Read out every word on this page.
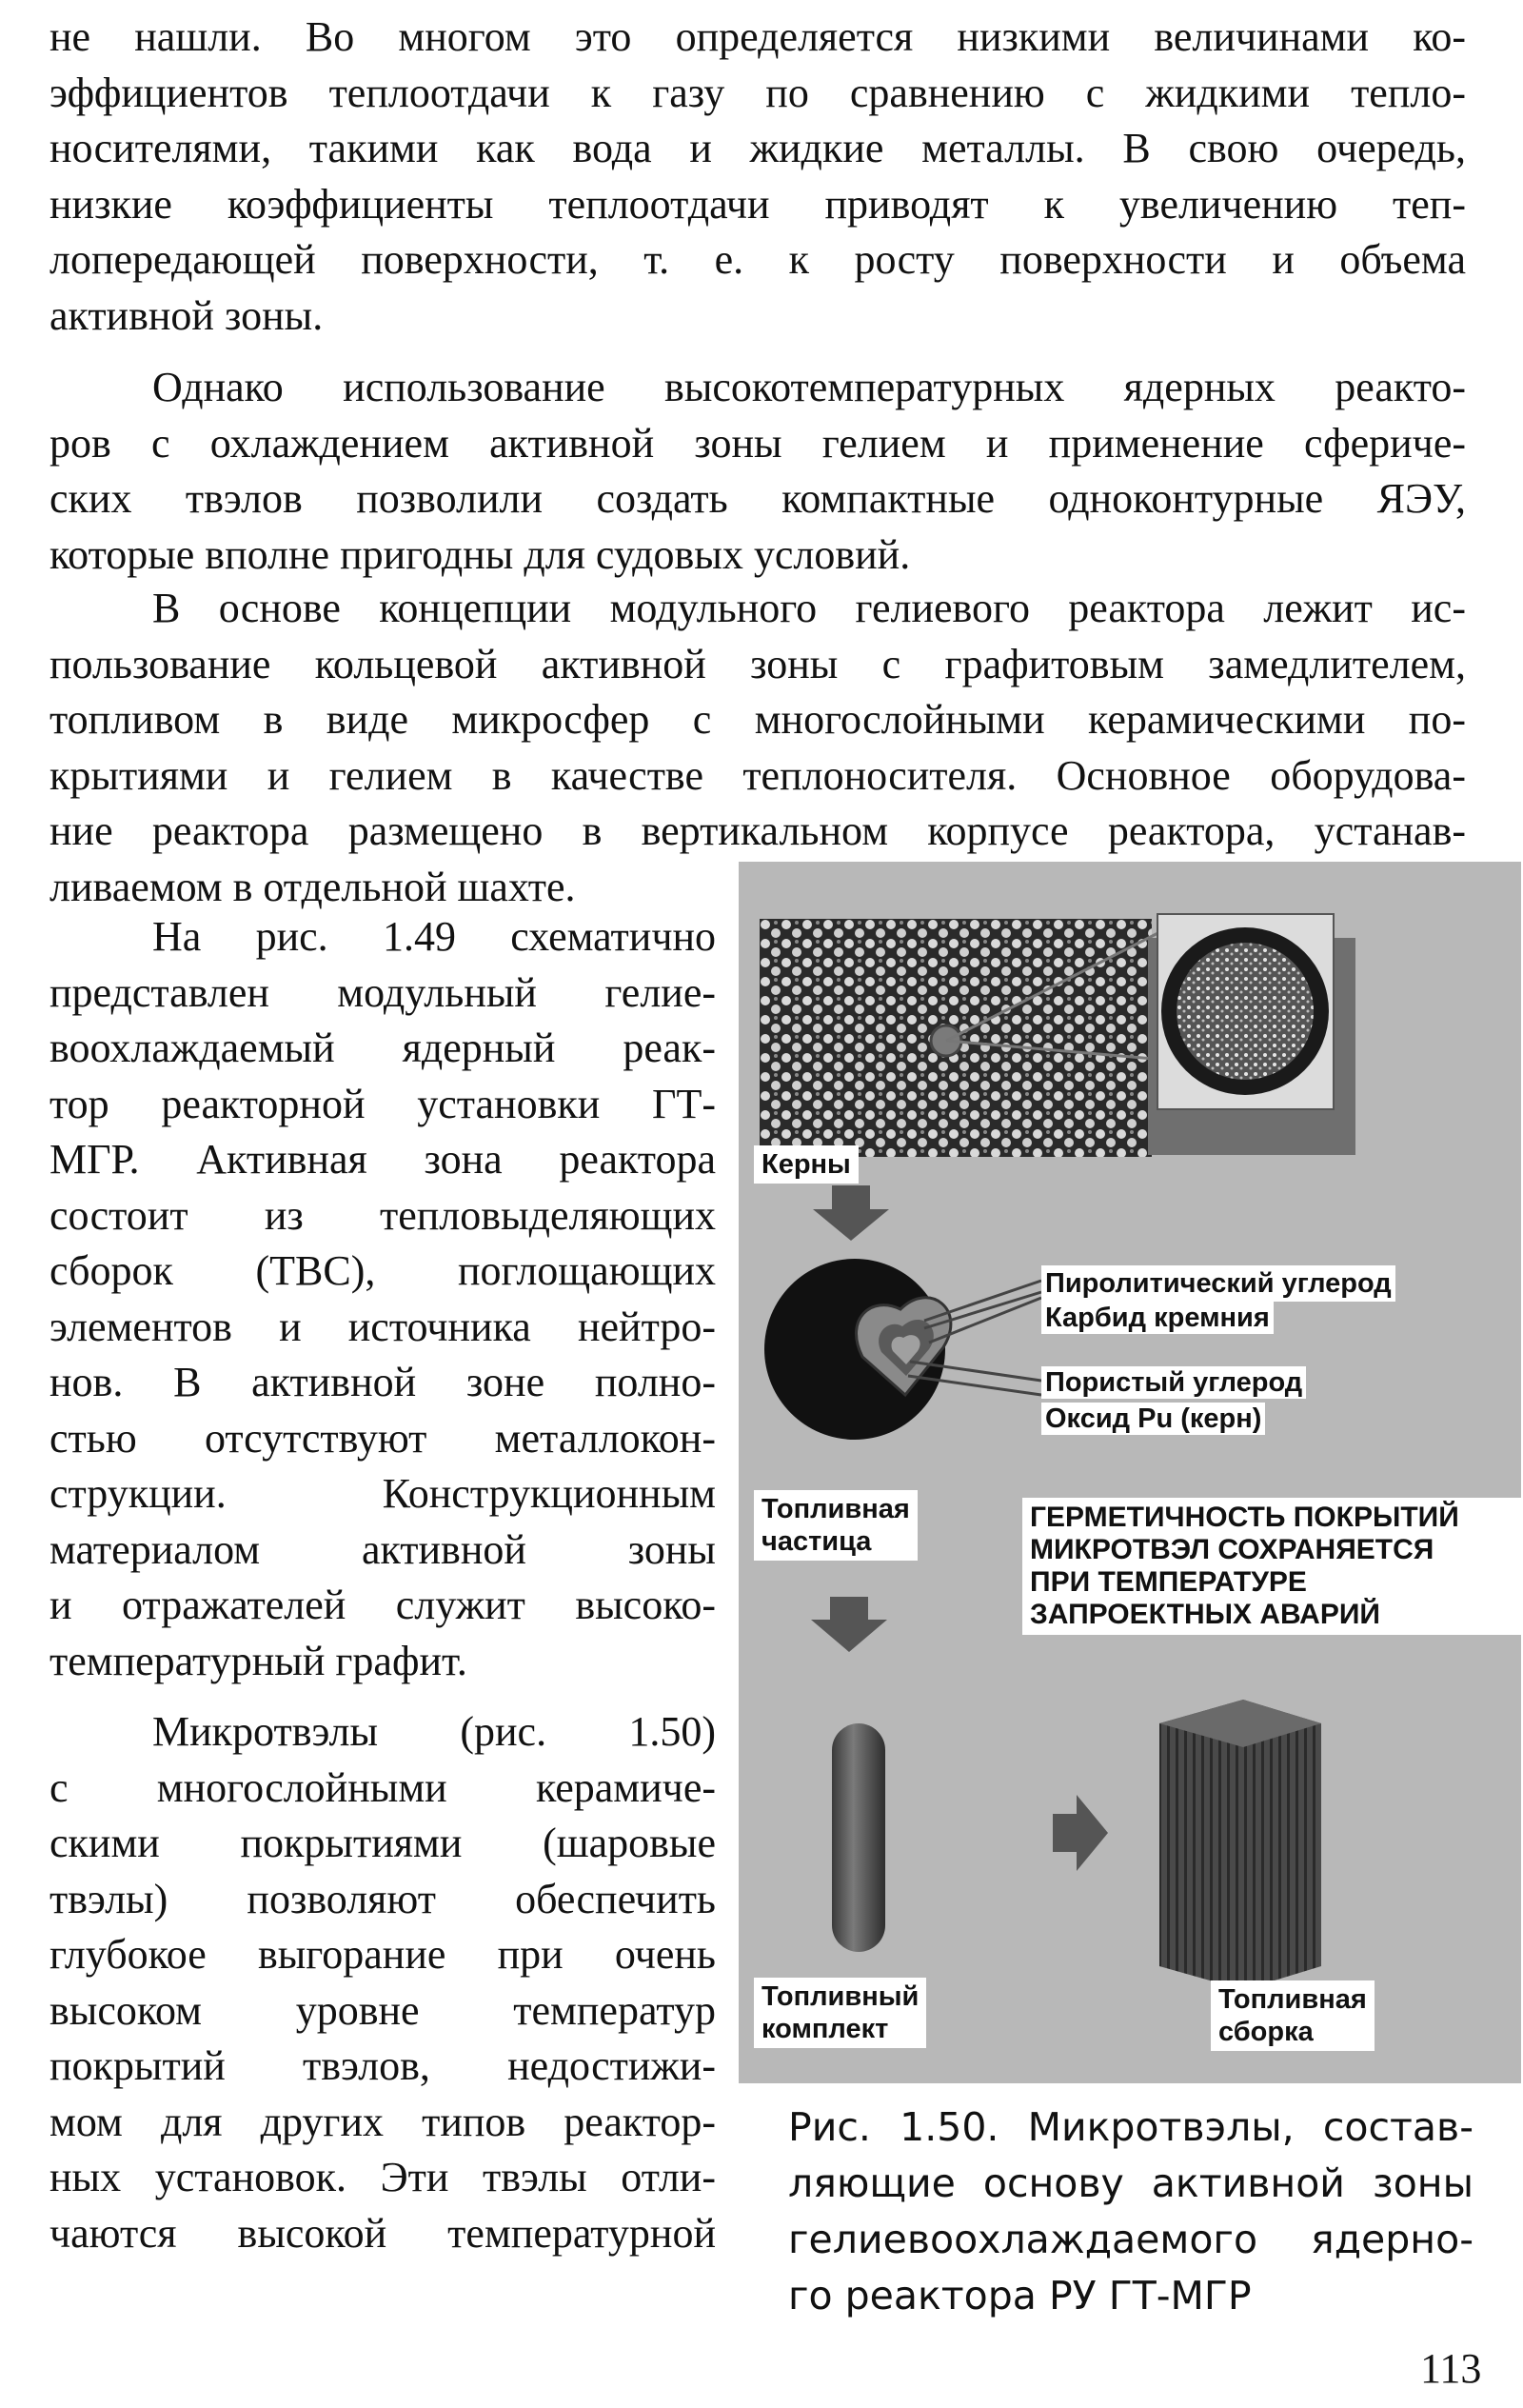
не нашли. Во многом это определяется низкими величинами ко-
эффициентов теплоотдачи к газу по сравнению с жидкими тепло-
носителями, такими как вода и жидкие металлы. В свою очередь,
низкие коэффициенты теплоотдачи приводят к увеличению теп-
лопередающей поверхности, т. е. к росту поверхности и объема
активной зоны.
Однако использование высокотемпературных ядерных реакто-
ров с охлаждением активной зоны гелием и применение сфериче-
ских твэлов позволили создать компактные одноконтурные ЯЭУ,
которые вполне пригодны для судовых условий.
В основе концепции модульного гелиевого реактора лежит ис-
пользование кольцевой активной зоны с графитовым замедлителем,
топливом в виде микросфер с многослойными керамическими по-
крытиями и гелием в качестве теплоносителя. Основное оборудова-
ние реактора размещено в вертикальном корпусе реактора, устанав-
ливаемом в отдельной шахте.
На рис. 1.49 схематично
представлен модульный гелие-
воохлаждаемый ядерный реак-
тор реакторной установки ГТ-
МГР. Активная зона реактора
состоит из тепловыделяющих
сборок (ТВС), поглощающих
элементов и источника нейтро-
нов. В активной зоне полно-
стью отсутствуют металлокон-
струкции. Конструкционным
материалом активной зоны
и отражателей служит высоко-
температурный графит.
Микротвэлы (рис. 1.50)
с многослойными керамиче-
скими покрытиями (шаровые
твэлы) позволяют обеспечить
глубокое выгорание при очень
высоком уровне температур
покрытий твэлов, недостижи-
мом для других типов реактор-
ных установок. Эти твэлы отли-
чаются высокой температурной
Керны
Пиролитический углерод
Карбид кремния
Пористый углерод
Оксид Pu (керн)
Топливная
частица
ГЕРМЕТИЧНОСТЬ ПОКРЫТИЙ
МИКРОТВЭЛ СОХРАНЯЕТСЯ
ПРИ ТЕМПЕРАТУРЕ
ЗАПРОЕКТНЫХ АВАРИЙ
Топливный
комплект
Топливная
сборка
Рис. 1.50. Микротвэлы, состав-
ляющие основу активной зоны
гелиевоохлаждаемого ядерно-
го реактора РУ ГТ-МГР
113
